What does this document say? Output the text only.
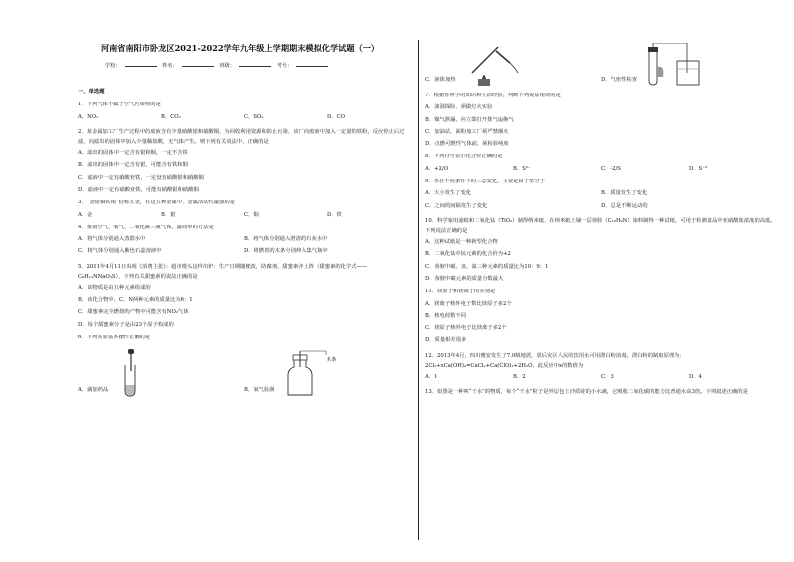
河南省南阳市卧龙区2021-2022学年九年级上学期期末模拟化学试题（一）
学校：	姓名：	班级：	考号：
一、单选题
1．下列气体不属于空气污染物的是
A．NO₂	B．CO₂	C．SO₂	D．CO
2．某金属加工厂生产过程中的废液含有少量硝酸银和硝酸铜，为回收利用资源和防止污染，该厂向废液中加入一定量的铁粉，反应停止后过滤，向滤出的固体中加入少量稀盐酸，无气体产生。则下列有关说法中，正确的是
A．滤出的固体中一定含有银和铜，一定不含铁
B．滤出的固体中一定含有银，可能含有铁和铜
C．滤液中一定有硝酸亚铁，一定没有硝酸银和硝酸铜
D．滤液中一定有硝酸亚铁，可能有硝酸银和硝酸铜
3．“金银铜铁锡”俗称五金，在这五种金属中，金属活动性最强的是
A．金	B．银	C．铜	D．铁
4．鉴别空气、氧气、二氧化碳三瓶气体，最简单的方法是
A．将气体分别通入蒸馏水中	B．将气体分别通入澄清的石灰水中
C．将气体分别通入紫色石蕊溶液中	D．将燃着的木条分别伸入集气瓶中
5．2011年4月11日央视《消费主张》：超市馒头这样出炉：生产日期随便改，防腐剂、甜蜜素齐上阵（甜蜜素的化学式——C₆H₁₂NNaO₃S），下列有关甜蜜素的说法正确的是
A．该物质是由五种元素组成的
B．该化合物中，C、N两种元素的质量比为6：1
C．甜蜜素完全燃烧的产物中可能含有NO₂气体
D．每个甜蜜素分子是由23个原子构成的
6．下列实验基本操作正确的是
A．滴加药品	B．氧气验满
木条
C．液体加热	D．气密性检查
7．根据你所学的知识和生活经验，判断下列说法错误的是
A．油洞探险，须做灯火实验
B．煤气泄漏，应立即打开排气扇换气
C．加油站、面粉加工厂须严禁烟火
D．点燃可燃性气体前，须检验纯度
8．下列符号表示化合价正确的是
A．+2/O	B．S²⁻	C．-2/S	D．S⁻²
9．水在不同条件下的三态变化，主要是由于水分子
A．大小发生了变化	B．质量发生了变化
C．之间的间隔发生了变化	D．总是不断运动的
10．科学家用滤纸和二氧化钛（TiO₂）制得纳米纸，在纳米纸上铺一层萘胺（C₁₀H₉N）染料制得一种试纸，可用于检测食品中亚硝酸盐浓度的高低。下列说法正确的是
A．这种试纸是一种新型化合物
B．二氧化钛中钛元素的化合价为+2
C．萘胺中碳、氢、氮三种元素的质量比为10：9：1
D．萘胺中碳元素的质量分数最大
11．镁原子和镁离子的差别是
A．镁离子核外电子数比镁原子多2个
B．核电荷数不同
C．镁原子核外电子比镁离子多2个
D．质量相差很多
12．2013年4月，四川雅安发生了7.0级地震，震后灾区人民的饮用水可用漂白粉消毒。漂白粉的制取原理为：2Cl₂+xCa(OH)₂=CaCl₂+Ca(ClO)₂+2H₂O，此反应中x的数值为
A．1	B．2	C．3	D．4
13．如图是一种叫“干水”的物质，每个“干水”粒子是外层包上沙质硅的小水滴，它吸收二氧化碳的能力比普通水高3倍。下列叙述正确的是
